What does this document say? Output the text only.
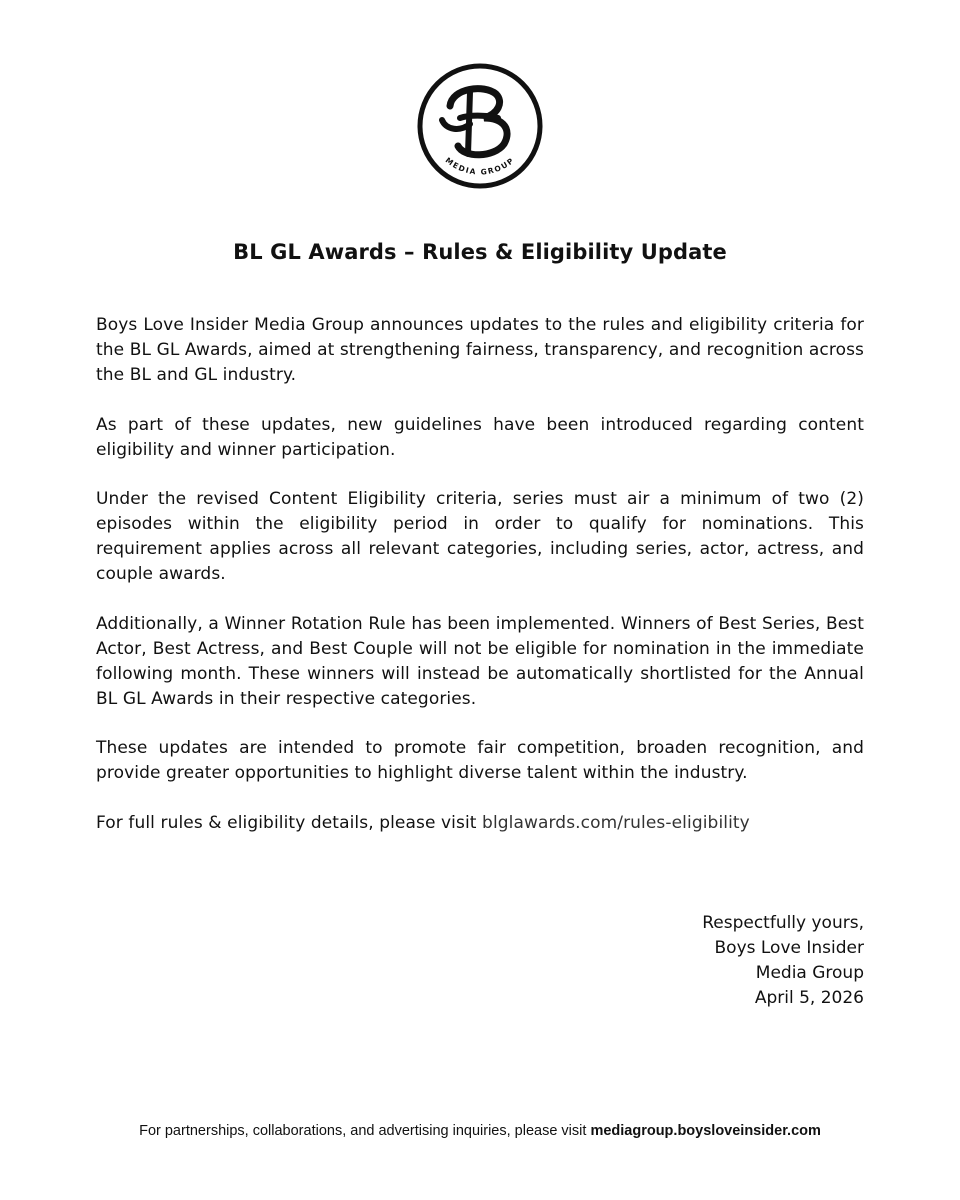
MEDIA GROUP
BL GL Awards – Rules & Eligibility Update

Boys Love Insider Media Group announces updates to the rules and eligibility criteria for the BL GL Awards, aimed at strengthening fairness, transparency, and recognition across the BL and GL industry.

As part of these updates, new guidelines have been introduced regarding content eligibility and winner participation.

Under the revised Content Eligibility criteria, series must air a minimum of two (2) episodes within the eligibility period in order to qualify for nominations. This requirement applies across all relevant categories, including series, actor, actress, and couple awards.

Additionally, a Winner Rotation Rule has been implemented. Winners of Best Series, Best Actor, Best Actress, and Best Couple will not be eligible for nomination in the immediate following month. These winners will instead be automatically shortlisted for the Annual BL GL Awards in their respective categories.

These updates are intended to promote fair competition, broaden recognition, and provide greater opportunities to highlight diverse talent within the industry.

For full rules & eligibility details, please visit blglawards.com/rules-eligibility

Respectfully yours,
Boys Love Insider
Media Group
April 5, 2026
For partnerships, collaborations, and advertising inquiries, please visit mediagroup.boysloveinsider.com
